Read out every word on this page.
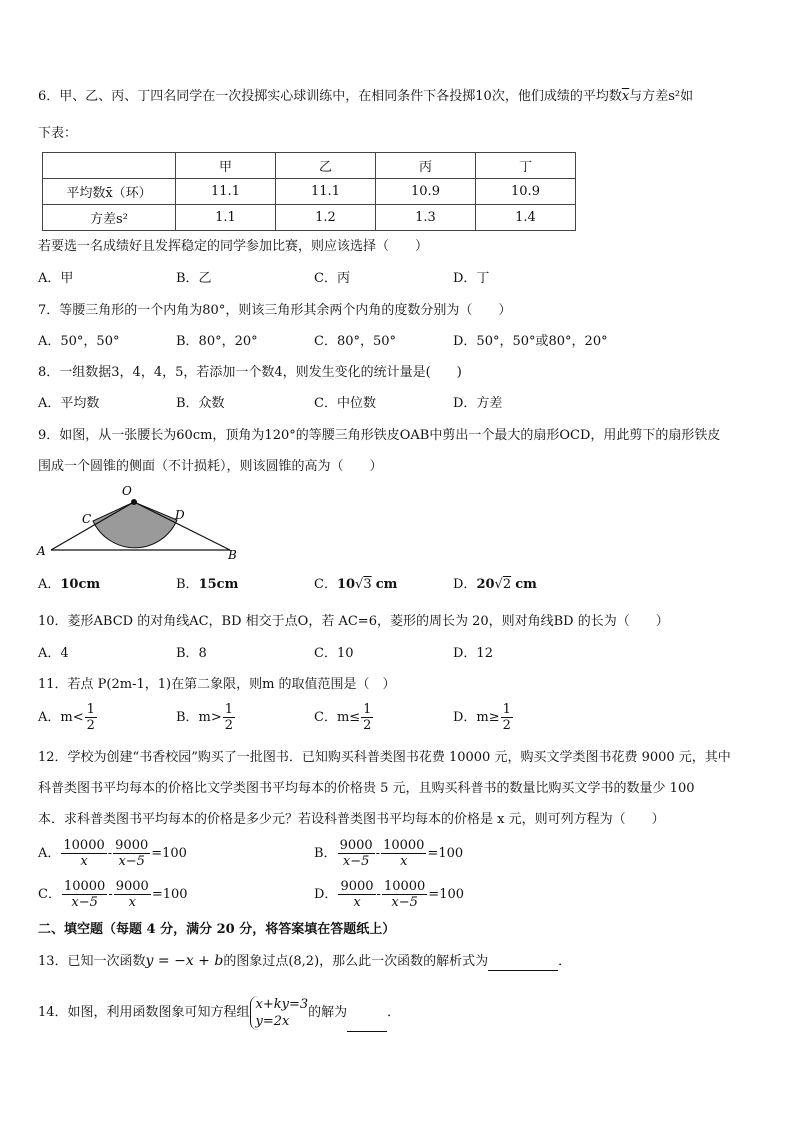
6．甲、乙、丙、丁四名同学在一次投掷实心球训练中，在相同条件下各投掷10次，他们成绩的平均数$\overline{x}$与方差s²如
下表：
	甲	乙	丙	丁
平均数x̄（环）	11.1	11.1	10.9	10.9
方差s²	1.1	1.2	1.3	1.4
若要选一名成绩好且发挥稳定的同学参加比赛，则应该选择（　　）
A．甲	B．乙	C．丙	D．丁
7．等腰三角形的一个内角为80°，则该三角形其余两个内角的度数分别为（　　）
A．50°，50°	B．80°，20°	C．80°，50°	D．50°，50°或80°，20°
8．一组数据3，4，4，5，若添加一个数4，则发生变化的统计量是(　　)
A．平均数	B．众数	C．中位数	D．方差
9．如图，从一张腰长为60cm，顶角为120°的等腰三角形铁皮OAB中剪出一个最大的扇形OCD，用此剪下的扇形铁皮
围成一个圆锥的侧面（不计损耗），则该圆锥的高为（　　）
O
C	D
A	B
A．10cm	B．15cm	C．10√3 cm	D．20√2 cm
10．菱形ABCD 的对角线AC，BD 相交于点O，若 AC=6，菱形的周长为 20，则对角线BD 的长为（　　）
A．4	B．8	C．10	D．12
11．若点 P(2m-1，1)在第二象限，则m 的取值范围是（　）
A．$m< \frac{1}{2}$	B．$m> \frac{1}{2}$	C．$m\le \frac{1}{2}$	D．$m\ge \frac{1}{2}$
12．学校为创建“书香校园”购买了一批图书．已知购买科普类图书花费 10000 元，购买文学类图书花费 9000 元，其中
科普类图书平均每本的价格比文学类图书平均每本的价格贵 5 元，且购买科普书的数量比购买文学书的数量少 100
本．求科普类图书平均每本的价格是多少元？若设科普类图书平均每本的价格是 x 元，则可列方程为（　　）
A． $\frac{10000}{x} - \frac{9000}{x-5} =100$	B． $\frac{9000}{x-5} - \frac{10000}{x} =100$
C． $\frac{10000}{x-5} - \frac{9000}{x} =100$	D． $\frac{9000}{x} - \frac{10000}{x-5} =100$
二、填空题（每题 4 分，满分 20 分，将答案填在答题纸上）
13．已知一次函数y = −x + b的图象过点(8,2)，那么此一次函数的解析式为	．
14．如图，利用函数图象可知方程组
x+ky=3
y=2x
的解为	．
